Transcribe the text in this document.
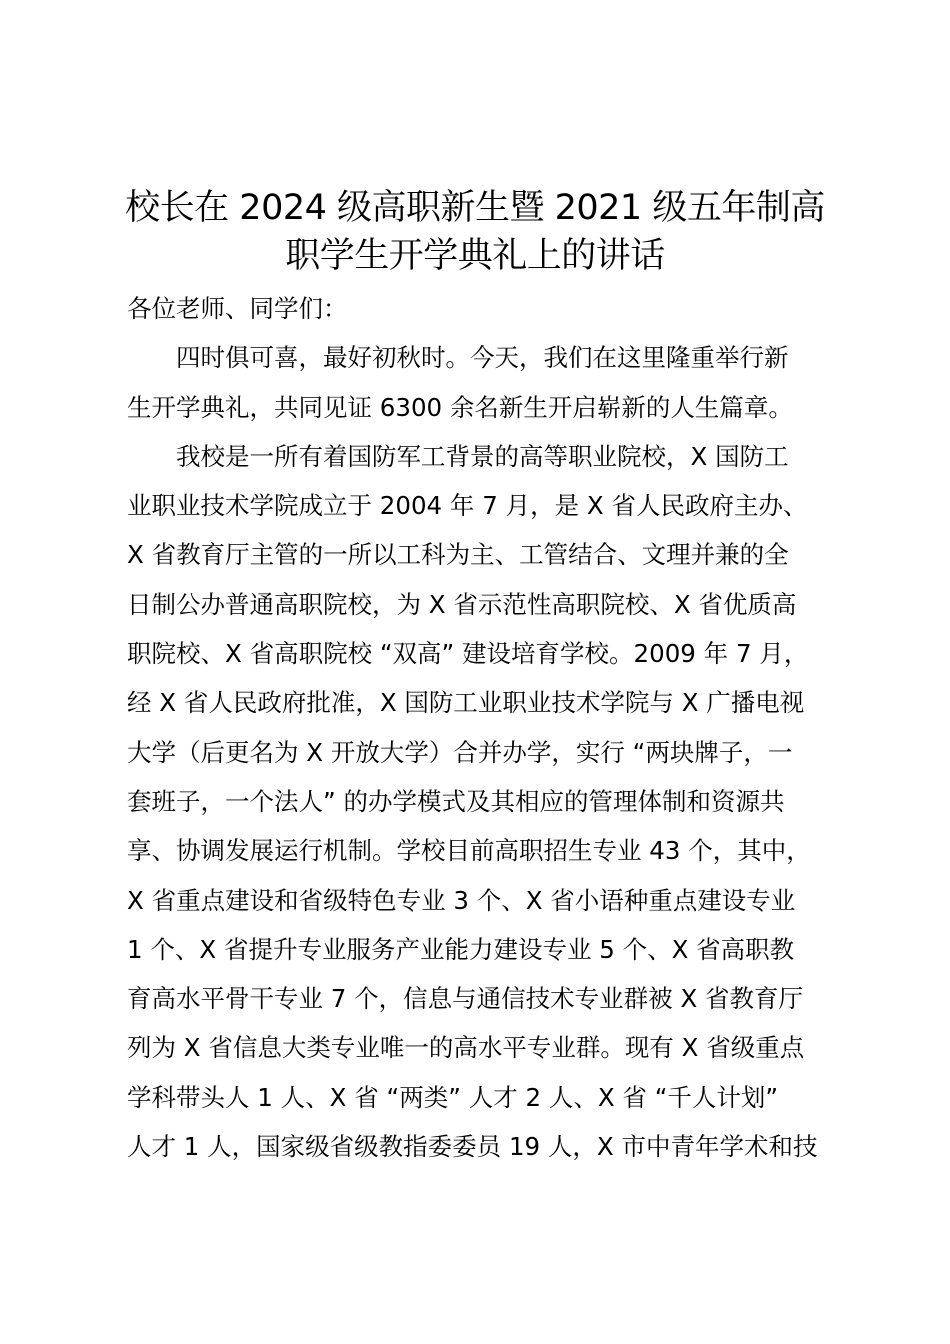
校长在 2024 级高职新生暨 2021 级五年制高
职学生开学典礼上的讲话
各位老师、同学们：
四时俱可喜，最好初秋时。今天，我们在这里隆重举行新
生开学典礼，共同见证 6300 余名新生开启崭新的人生篇章。
我校是一所有着国防军工背景的高等职业院校，X 国防工
业职业技术学院成立于 2004 年 7 月，是 X 省人民政府主办、
X 省教育厅主管的一所以工科为主、工管结合、文理并兼的全
日制公办普通高职院校，为 X 省示范性高职院校、X 省优质高
职院校、X 省高职院校 “双高” 建设培育学校。2009 年 7 月，
经 X 省人民政府批准，X 国防工业职业技术学院与 X 广播电视
大学（后更名为 X 开放大学）合并办学，实行 “两块牌子，一
套班子，一个法人” 的办学模式及其相应的管理体制和资源共
享、协调发展运行机制。学校目前高职招生专业 43 个，其中，
X 省重点建设和省级特色专业 3 个、X 省小语种重点建设专业
1 个、X 省提升专业服务产业能力建设专业 5 个、X 省高职教
育高水平骨干专业 7 个，信息与通信技术专业群被 X 省教育厅
列为 X 省信息大类专业唯一的高水平专业群。现有 X 省级重点
学科带头人 1 人、X 省 “两类” 人才 2 人、X 省 “千人计划”
人才 1 人，国家级省级教指委委员 19 人，X 市中青年学术和技
